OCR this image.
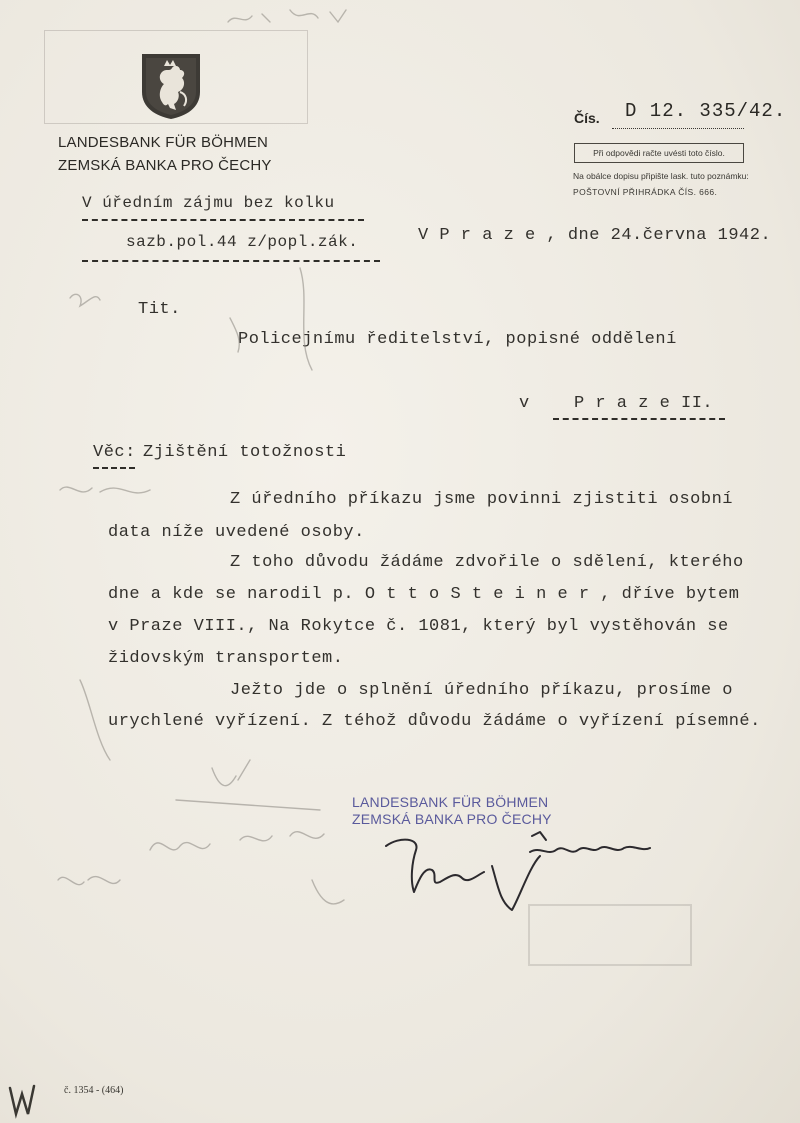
LANDESBANK FÜR BÖHMEN
ZEMSKÁ BANKA PRO ČECHY
Čís. D 12. 335/42.
Při odpovědi račte uvésti toto číslo.
Na obálce dopisu připište lask. tuto poznámku:
POŠTOVNÍ PŘIHRÁDKA ČÍS. 666.
V úředním zájmu bez kolku
sazb.pol.44 z/popl.zák.	V P r a z e , dne 24.června 1942.
Tit.
Policejnímu ředitelství, popisné oddělení
v	P r a z e II.
Věc: Zjištění totožnosti
Z úředního příkazu jsme povinni zjistiti osobní
data níže uvedené osoby.
Z toho důvodu žádáme zdvořile o sdělení, kterého
dne a kde se narodil p. O t t o S t e i n e r , dříve bytem
v Praze VIII., Na Rokytce č. 1081, který byl vystěhován se
židovským transportem.
Ježto jde o splnění úředního příkazu, prosíme o
urychlené vyřízení. Z téhož důvodu žádáme o vyřízení písemné.
LANDESBANK FÜR BÖHMEN
ZEMSKÁ BANKA PRO ČECHY
č. 1354 - (464)
